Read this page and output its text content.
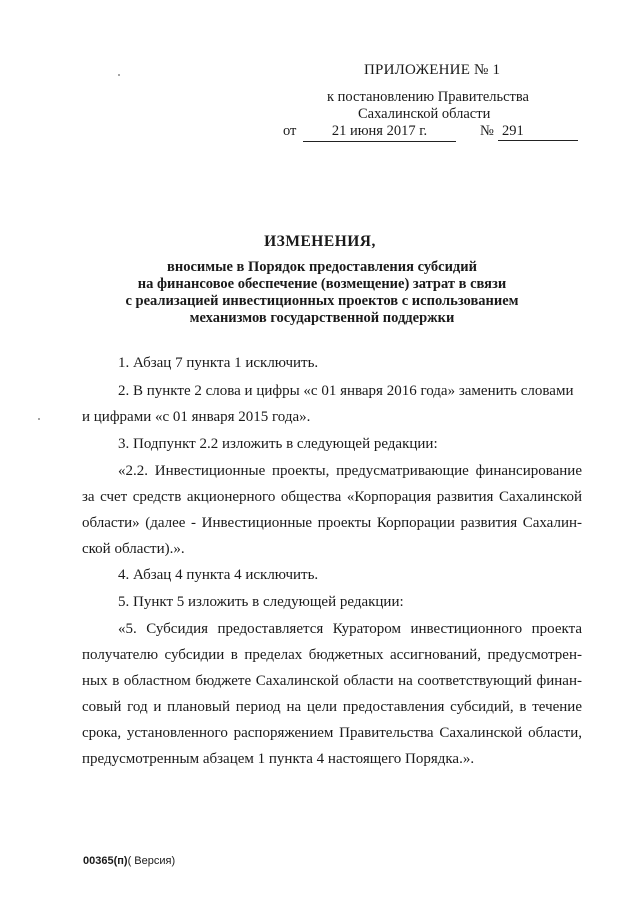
ПРИЛОЖЕНИЕ № 1
к постановлению Правительства
Сахалинской области
от	21 июня 2017 г.	№ 291
ИЗМЕНЕНИЯ,
вносимые в Порядок предоставления субсидий
на финансовое обеспечение (возмещение) затрат в связи
с реализацией инвестиционных проектов с использованием
механизмов государственной поддержки
1. Абзац 7 пункта 1 исключить.
2. В пункте 2 слова и цифры «с 01 января 2016 года» заменить словами
и цифрами «с 01 января 2015 года».
3. Подпункт 2.2 изложить в следующей редакции:
«2.2. Инвестиционные проекты, предусматривающие финансирование
за счет средств акционерного общества «Корпорация развития Сахалинской
области» (далее - Инвестиционные проекты Корпорации развития Сахалин-
ской области).».
4. Абзац 4 пункта 4 исключить.
5. Пункт 5 изложить в следующей редакции:
«5. Субсидия предоставляется Куратором инвестиционного проекта
получателю субсидии в пределах бюджетных ассигнований, предусмотрен-
ных в областном бюджете Сахалинской области на соответствующий финан-
совый год и плановый период на цели предоставления субсидий, в течение
срока, установленного распоряжением Правительства Сахалинской области,
предусмотренным абзацем 1 пункта 4 настоящего Порядка.».
00365(п)( Версия)
